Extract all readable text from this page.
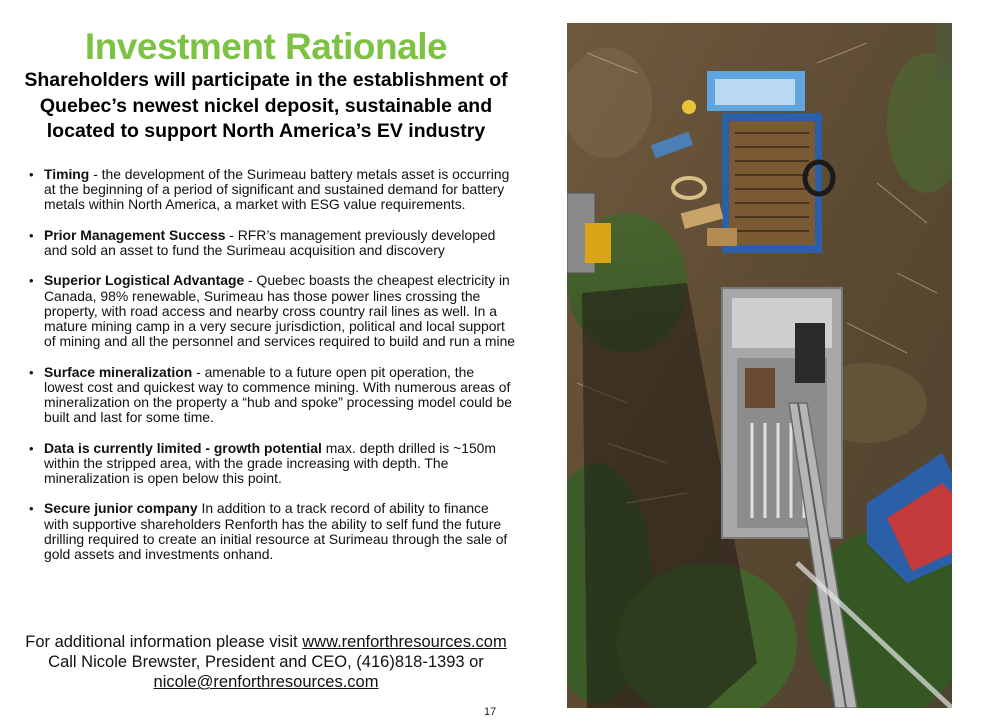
Investment Rationale
Shareholders will participate in the establishment of Quebec’s newest nickel deposit, sustainable and located to support North America’s EV industry
• Timing - the development of the Surimeau battery metals asset is occurring at the beginning of a period of significant and sustained demand for battery metals within North America, a market with ESG value requirements.
• Prior Management Success - RFR’s management previously developed and sold an asset to fund the Surimeau acquisition and discovery
• Superior Logistical Advantage - Quebec boasts the cheapest electricity in Canada, 98% renewable, Surimeau has those power lines crossing the property, with road access and nearby cross country rail lines as well. In a mature mining camp in a very secure jurisdiction, political and local support of mining and all the personnel and services required to build and run a mine
• Surface mineralization - amenable to a future open pit operation, the lowest cost and quickest way to commence mining. With numerous areas of mineralization on the property a “hub and spoke” processing model could be built and last for some time.
• Data is currently limited - growth potential max. depth drilled is ~150m within the stripped area, with the grade increasing with depth. The mineralization is open below this point.
• Secure junior company In addition to a track record of ability to finance with supportive shareholders Renforth has the ability to self fund the future drilling required to create an initial resource at Surimeau through the sale of gold assets and investments onhand.
For additional information please visit www.renforthresources.com
Call Nicole Brewster, President and CEO, (416)818-1393 or
nicole@renforthresources.com
17
